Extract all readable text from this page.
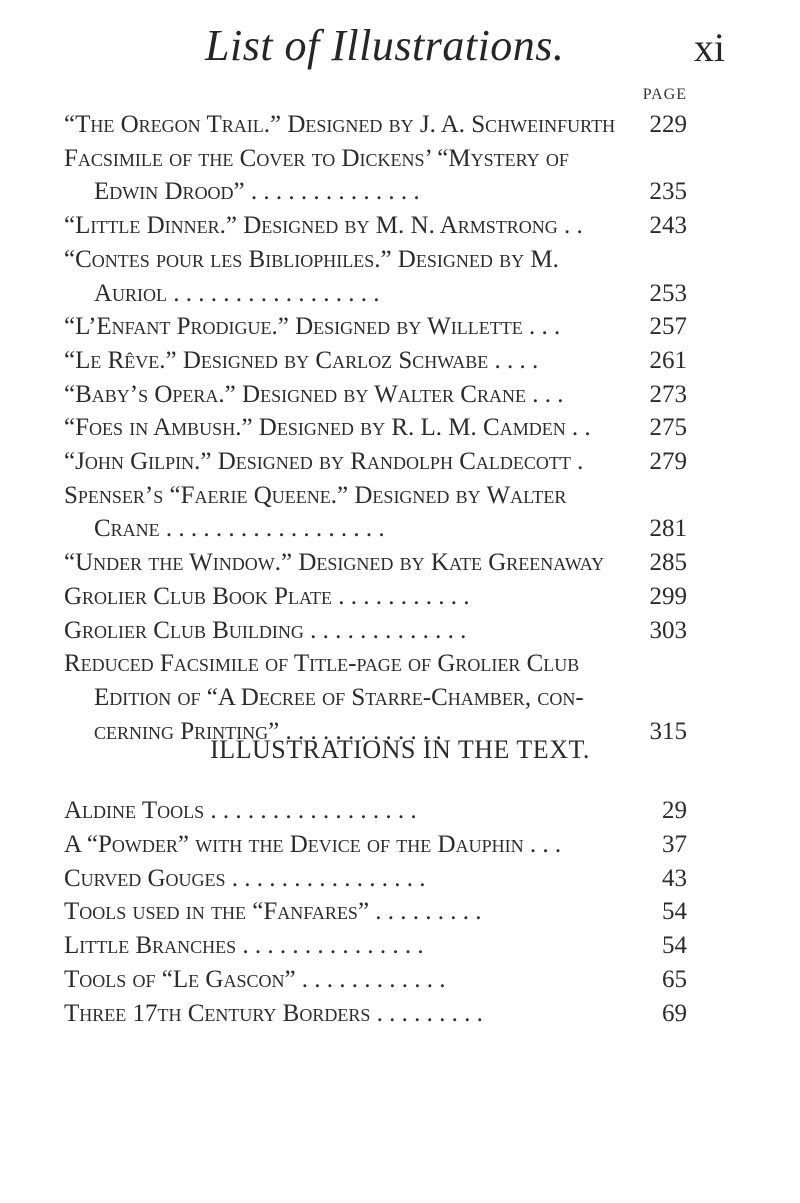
List of Illustrations.	xi
PAGE
“The Oregon Trail.” Designed by J. A. Schweinfurth 229
Facsimile of the Cover to Dickens’ “Mystery of
Edwin Drood” . . . . . . . . . . . . . .	235
“Little Dinner.” Designed by M. N. Armstrong . .	243
“Contes pour les Bibliophiles.” Designed by M.
Auriol . . . . . . . . . . . . . . . . .	253
“L’Enfant Prodigue.” Designed by Willette . . .	257
“Le Rêve.” Designed by Carloz Schwabe . . . .	261
“Baby’s Opera.” Designed by Walter Crane . . .	273
“Foes in Ambush.” Designed by R. L. M. Camden . . 275
“John Gilpin.” Designed by Randolph Caldecott .	279
Spenser’s “Faerie Queene.” Designed by Walter
Crane . . . . . . . . . . . . . . . . . .	281
“Under the Window.” Designed by Kate Greenaway 285
Grolier Club Book Plate . . . . . . . . . . .	299
Grolier Club Building . . . . . . . . . . . . .	303
Reduced Facsimile of Title-page of Grolier Club
Edition of “A Decree of Starre-Chamber, con-
cerning Printing” . . . . . . . . . . . . .	315
ILLUSTRATIONS IN THE TEXT.
Aldine Tools . . . . . . . . . . . . . . . . .	29
A “Powder” with the Device of the Dauphin . . .	37
Curved Gouges . . . . . . . . . . . . . . . .	43
Tools used in the “Fanfares” . . . . . . . . .	54
Little Branches . . . . . . . . . . . . . . .	54
Tools of “Le Gascon” . . . . . . . . . . . .	65
Three 17th Century Borders . . . . . . . . .	69
